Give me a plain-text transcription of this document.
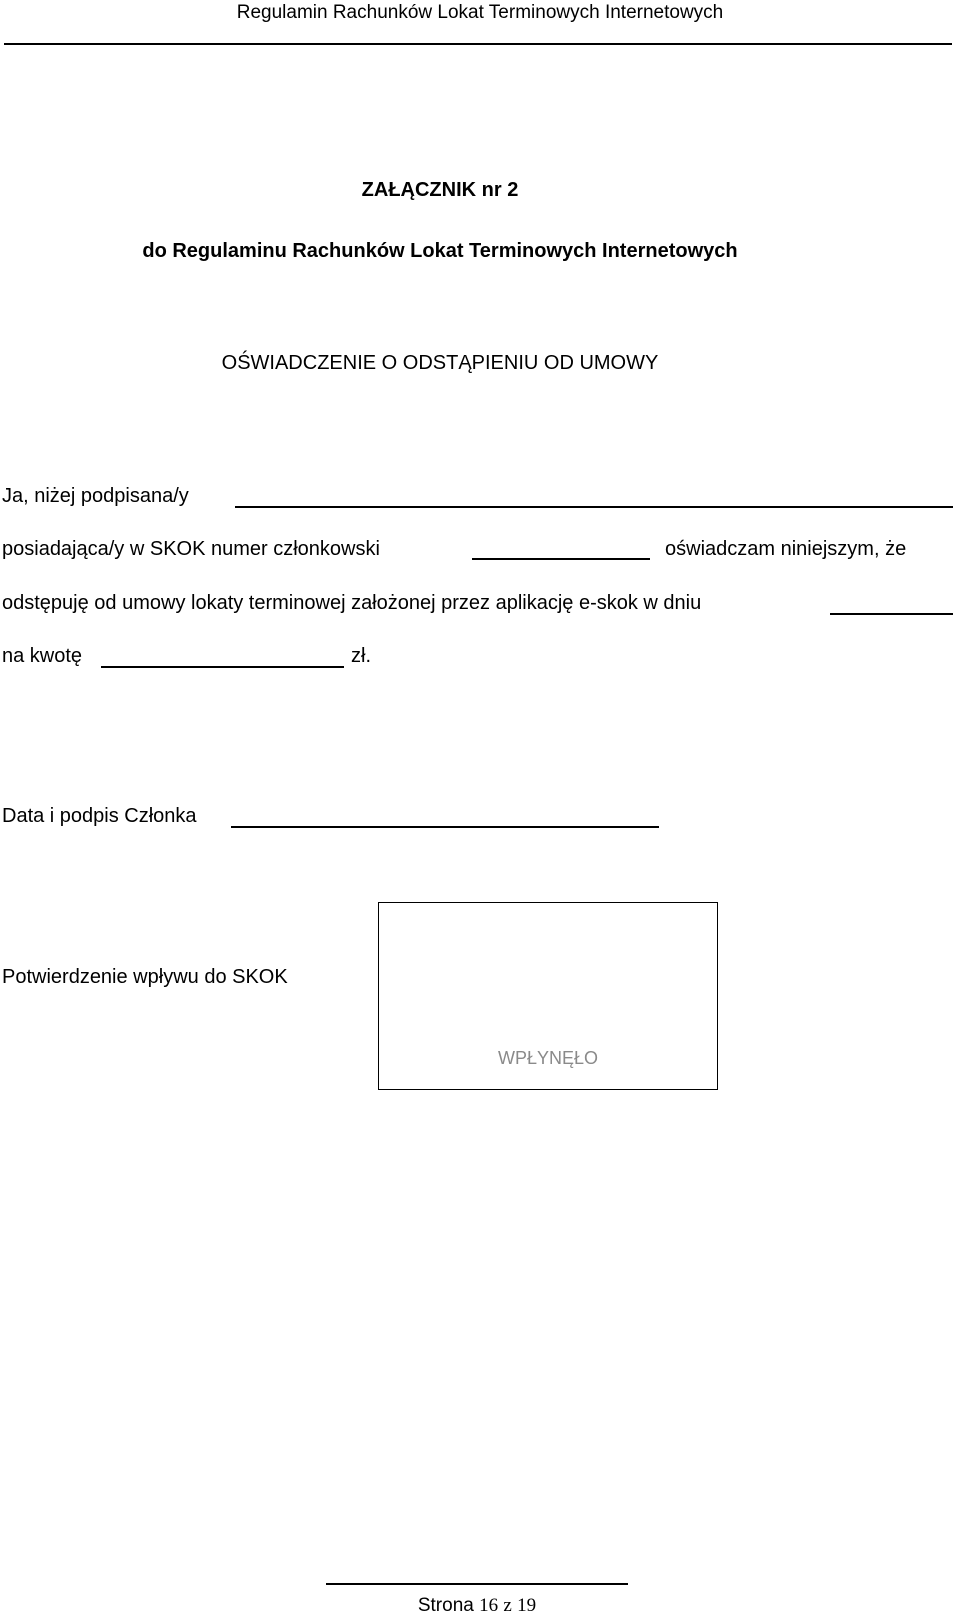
Regulamin Rachunków Lokat Terminowych Internetowych
ZAŁĄCZNIK nr 2
do Regulaminu Rachunków Lokat Terminowych Internetowych
OŚWIADCZENIE O ODSTĄPIENIU OD UMOWY
Ja, niżej podpisana/y
posiadająca/y w SKOK numer członkowski	oświadczam niniejszym, że
odstępuję od umowy lokaty terminowej założonej przez aplikację e-skok w dniu
na kwotę	zł.
Data i podpis Członka
Potwierdzenie wpływu do SKOK
WPŁYNĘŁO
Strona 16 z 19
